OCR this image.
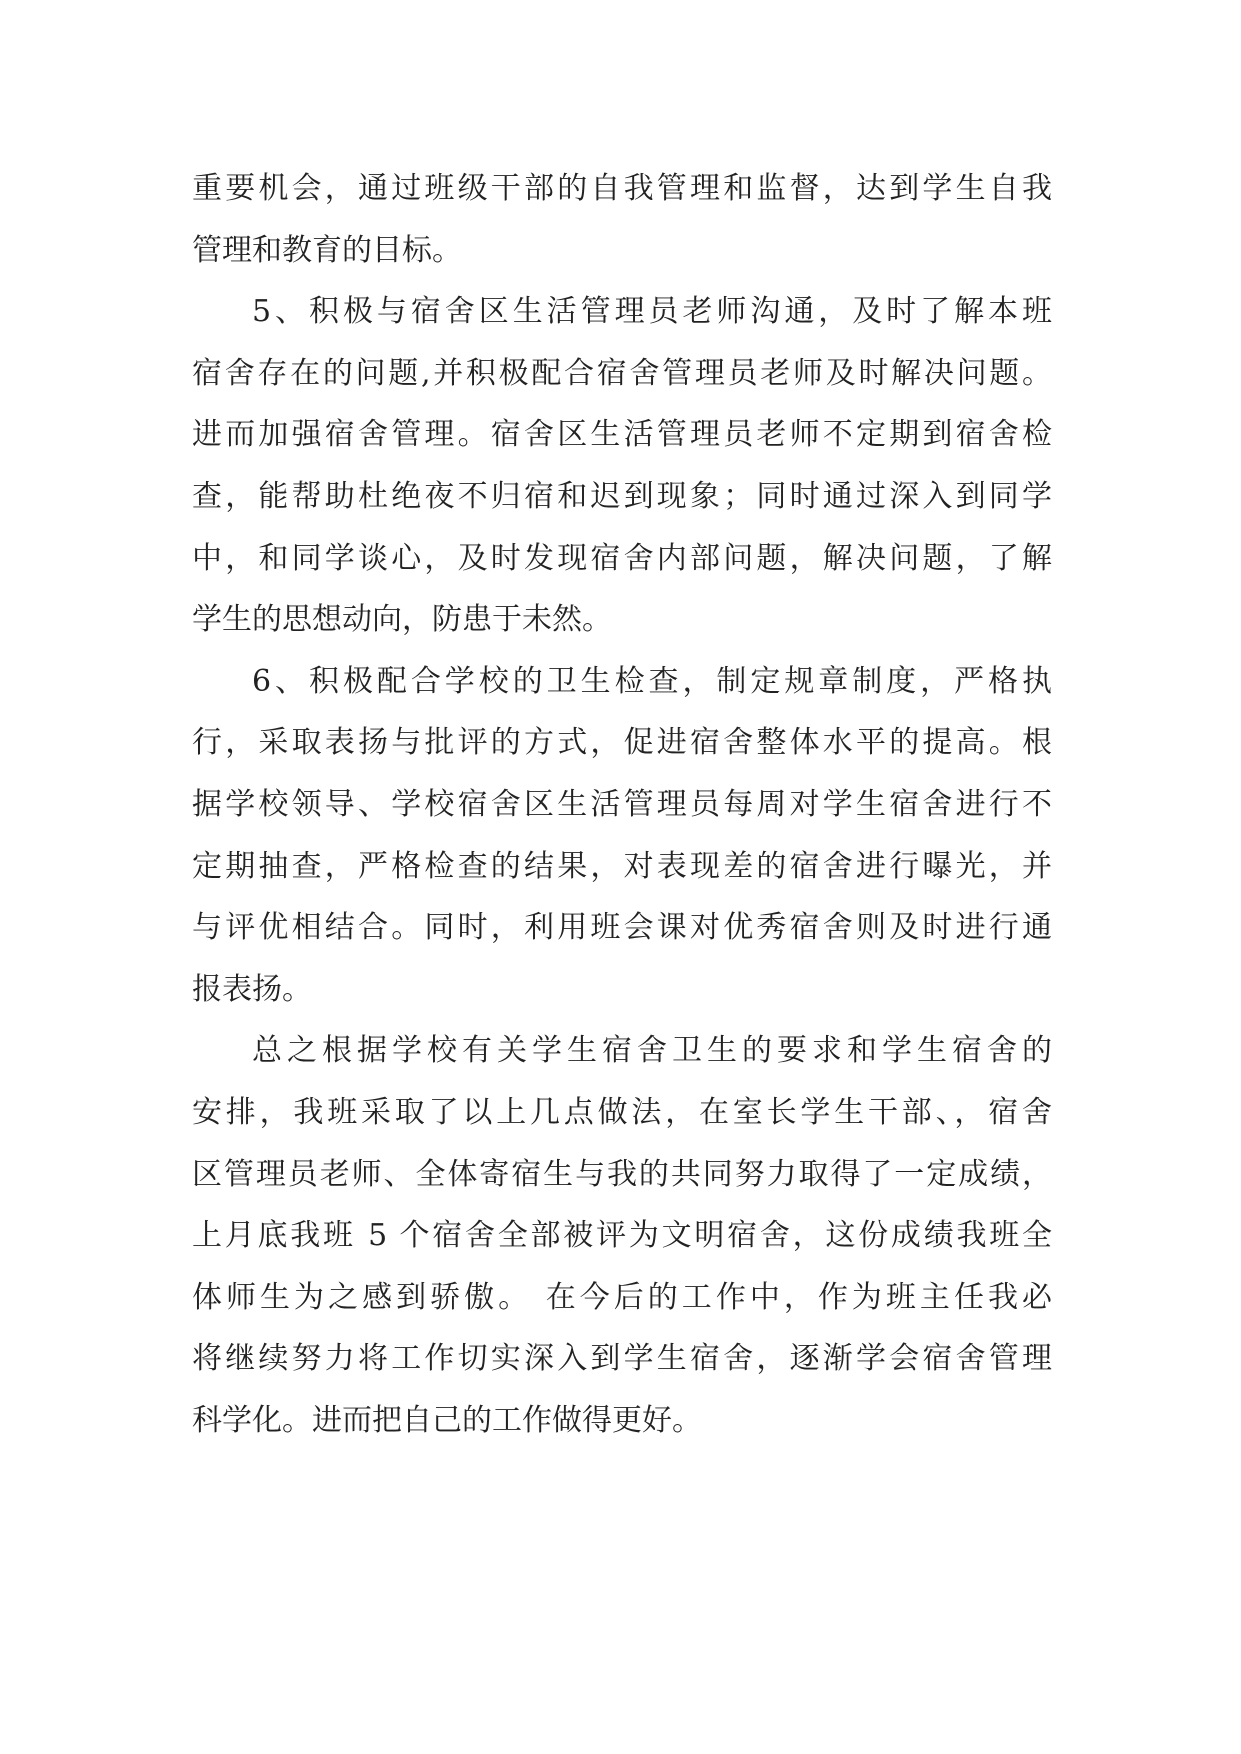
重要机会，通过班级干部的自我管理和监督，达到学生自我
管理和教育的目标。
5、积极与宿舍区生活管理员老师沟通，及时了解本班
宿舍存在的问题,并积极配合宿舍管理员老师及时解决问题。
进而加强宿舍管理。宿舍区生活管理员老师不定期到宿舍检
查，能帮助杜绝夜不归宿和迟到现象；同时通过深入到同学
中，和同学谈心，及时发现宿舍内部问题，解决问题，了解
学生的思想动向，防患于未然。
6、积极配合学校的卫生检查，制定规章制度，严格执
行，采取表扬与批评的方式，促进宿舍整体水平的提高。根
据学校领导、学校宿舍区生活管理员每周对学生宿舍进行不
定期抽查，严格检查的结果，对表现差的宿舍进行曝光，并
与评优相结合。同时，利用班会课对优秀宿舍则及时进行通
报表扬。
总之根据学校有关学生宿舍卫生的要求和学生宿舍的
安排，我班采取了以上几点做法，在室长学生干部、，宿舍
区管理员老师、全体寄宿生与我的共同努力取得了一定成绩，
上月底我班 5 个宿舍全部被评为文明宿舍，这份成绩我班全
体师生为之感到骄傲。 在今后的工作中，作为班主任我必
将继续努力将工作切实深入到学生宿舍，逐渐学会宿舍管理
科学化。进而把自己的工作做得更好。
